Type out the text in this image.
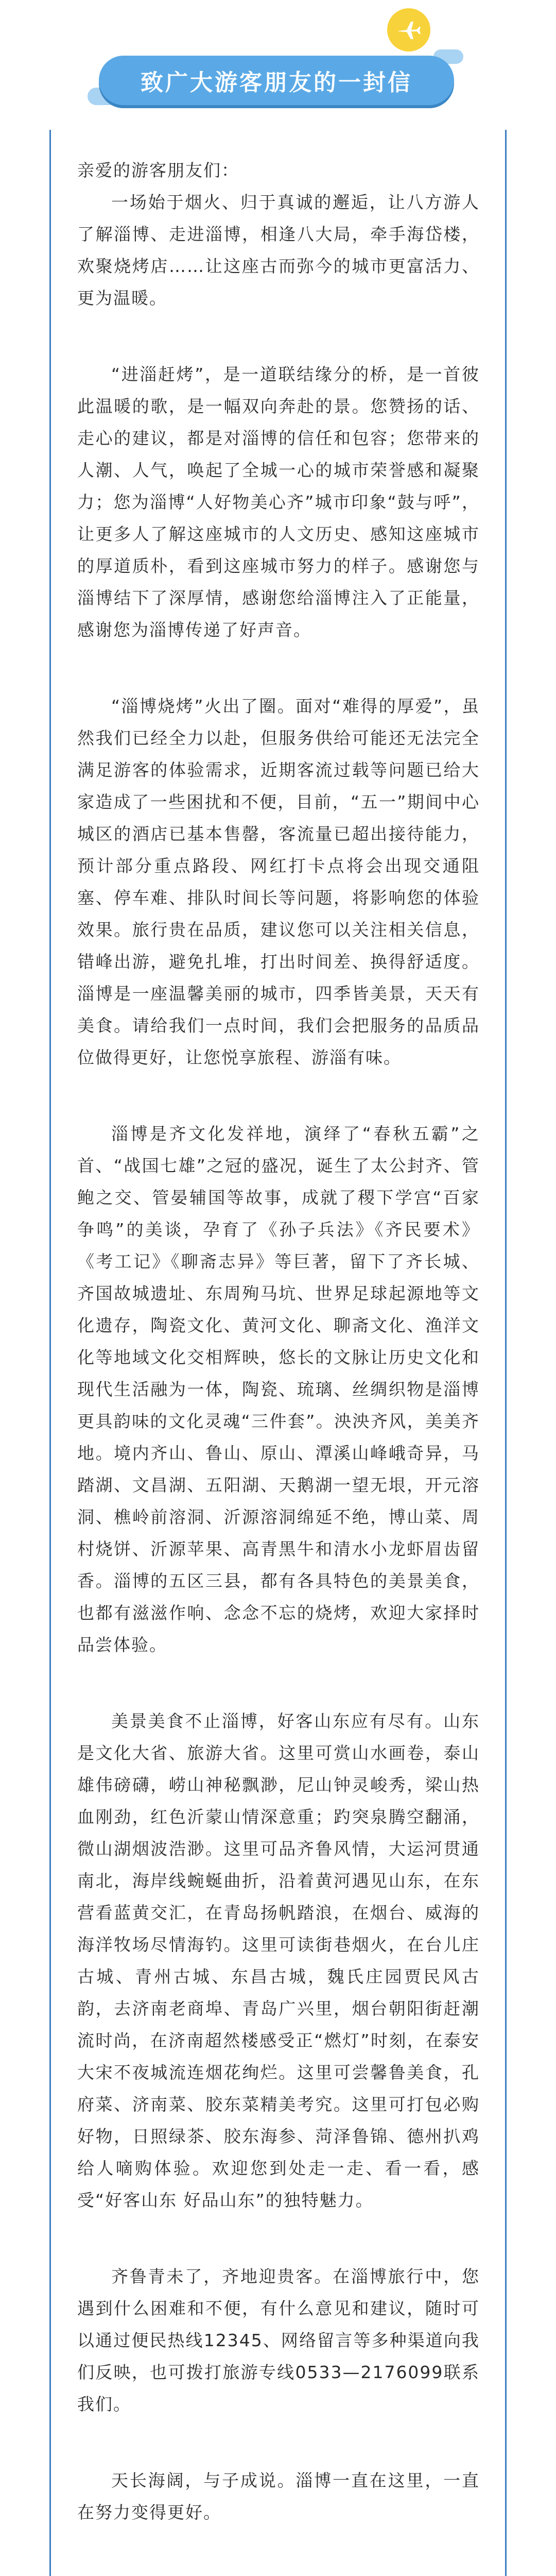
致广大游客朋友的一封信

亲爱的游客朋友们：

一场始于烟火、归于真诚的邂逅，让八方游人了解淄博、走进淄博，相逢八大局，牵手海岱楼，欢聚烧烤店……让这座古而弥今的城市更富活力、更为温暖。

“进淄赶烤”，是一道联结缘分的桥，是一首彼此温暖的歌，是一幅双向奔赴的景。您赞扬的话、走心的建议，都是对淄博的信任和包容；您带来的人潮、人气，唤起了全城一心的城市荣誉感和凝聚力；您为淄博“人好物美心齐”城市印象“鼓与呼”，让更多人了解这座城市的人文历史、感知这座城市的厚道质朴，看到这座城市努力的样子。感谢您与淄博结下了深厚情，感谢您给淄博注入了正能量，感谢您为淄博传递了好声音。

“淄博烧烤”火出了圈。面对“难得的厚爱”，虽然我们已经全力以赴，但服务供给可能还无法完全满足游客的体验需求，近期客流过载等问题已给大家造成了一些困扰和不便，目前，“五一”期间中心城区的酒店已基本售罄，客流量已超出接待能力，预计部分重点路段、网红打卡点将会出现交通阻塞、停车难、排队时间长等问题，将影响您的体验效果。旅行贵在品质，建议您可以关注相关信息，错峰出游，避免扎堆，打出时间差、换得舒适度。淄博是一座温馨美丽的城市，四季皆美景，天天有美食。请给我们一点时间，我们会把服务的品质品位做得更好，让您悦享旅程、游淄有味。

淄博是齐文化发祥地，演绎了“春秋五霸”之首、“战国七雄”之冠的盛况，诞生了太公封齐、管鲍之交、管晏辅国等故事，成就了稷下学宫“百家争鸣”的美谈，孕育了《孙子兵法》《齐民要术》《考工记》《聊斋志异》等巨著，留下了齐长城、齐国故城遗址、东周殉马坑、世界足球起源地等文化遗存，陶瓷文化、黄河文化、聊斋文化、渔洋文化等地域文化交相辉映，悠长的文脉让历史文化和现代生活融为一体，陶瓷、琉璃、丝绸织物是淄博更具韵味的文化灵魂“三件套”。泱泱齐风，美美齐地。境内齐山、鲁山、原山、潭溪山峰峨奇异，马踏湖、文昌湖、五阳湖、天鹅湖一望无垠，开元溶洞、樵岭前溶洞、沂源溶洞绵延不绝，博山菜、周村烧饼、沂源苹果、高青黑牛和清水小龙虾眉齿留香。淄博的五区三县，都有各具特色的美景美食，也都有滋滋作响、念念不忘的烧烤，欢迎大家择时品尝体验。

美景美食不止淄博，好客山东应有尽有。山东是文化大省、旅游大省。这里可赏山水画卷，泰山雄伟磅礴，崂山神秘飘渺，尼山钟灵峻秀，梁山热血刚劲，红色沂蒙山情深意重；趵突泉腾空翻涌，微山湖烟波浩渺。这里可品齐鲁风情，大运河贯通南北，海岸线蜿蜒曲折，沿着黄河遇见山东，在东营看蓝黄交汇，在青岛扬帆踏浪，在烟台、威海的海洋牧场尽情海钓。这里可读街巷烟火，在台儿庄古城、青州古城、东昌古城，魏氏庄园贾民风古韵，去济南老商埠、青岛广兴里，烟台朝阳街赶潮流时尚，在济南超然楼感受正“燃灯”时刻，在泰安大宋不夜城流连烟花绚烂。这里可尝馨鲁美食，孔府菜、济南菜、胶东菜精美考究。这里可打包必购好物，日照绿茶、胶东海参、菏泽鲁锦、德州扒鸡给人嘀购体验。欢迎您到处走一走、看一看，感受“好客山东 好品山东”的独特魅力。

齐鲁青未了，齐地迎贵客。在淄博旅行中，您遇到什么困难和不便，有什么意见和建议，随时可以通过便民热线12345、网络留言等多种渠道向我们反映，也可拨打旅游专线0533—2176099联系我们。

天长海阔，与子成说。淄博一直在这里，一直在努力变得更好。
